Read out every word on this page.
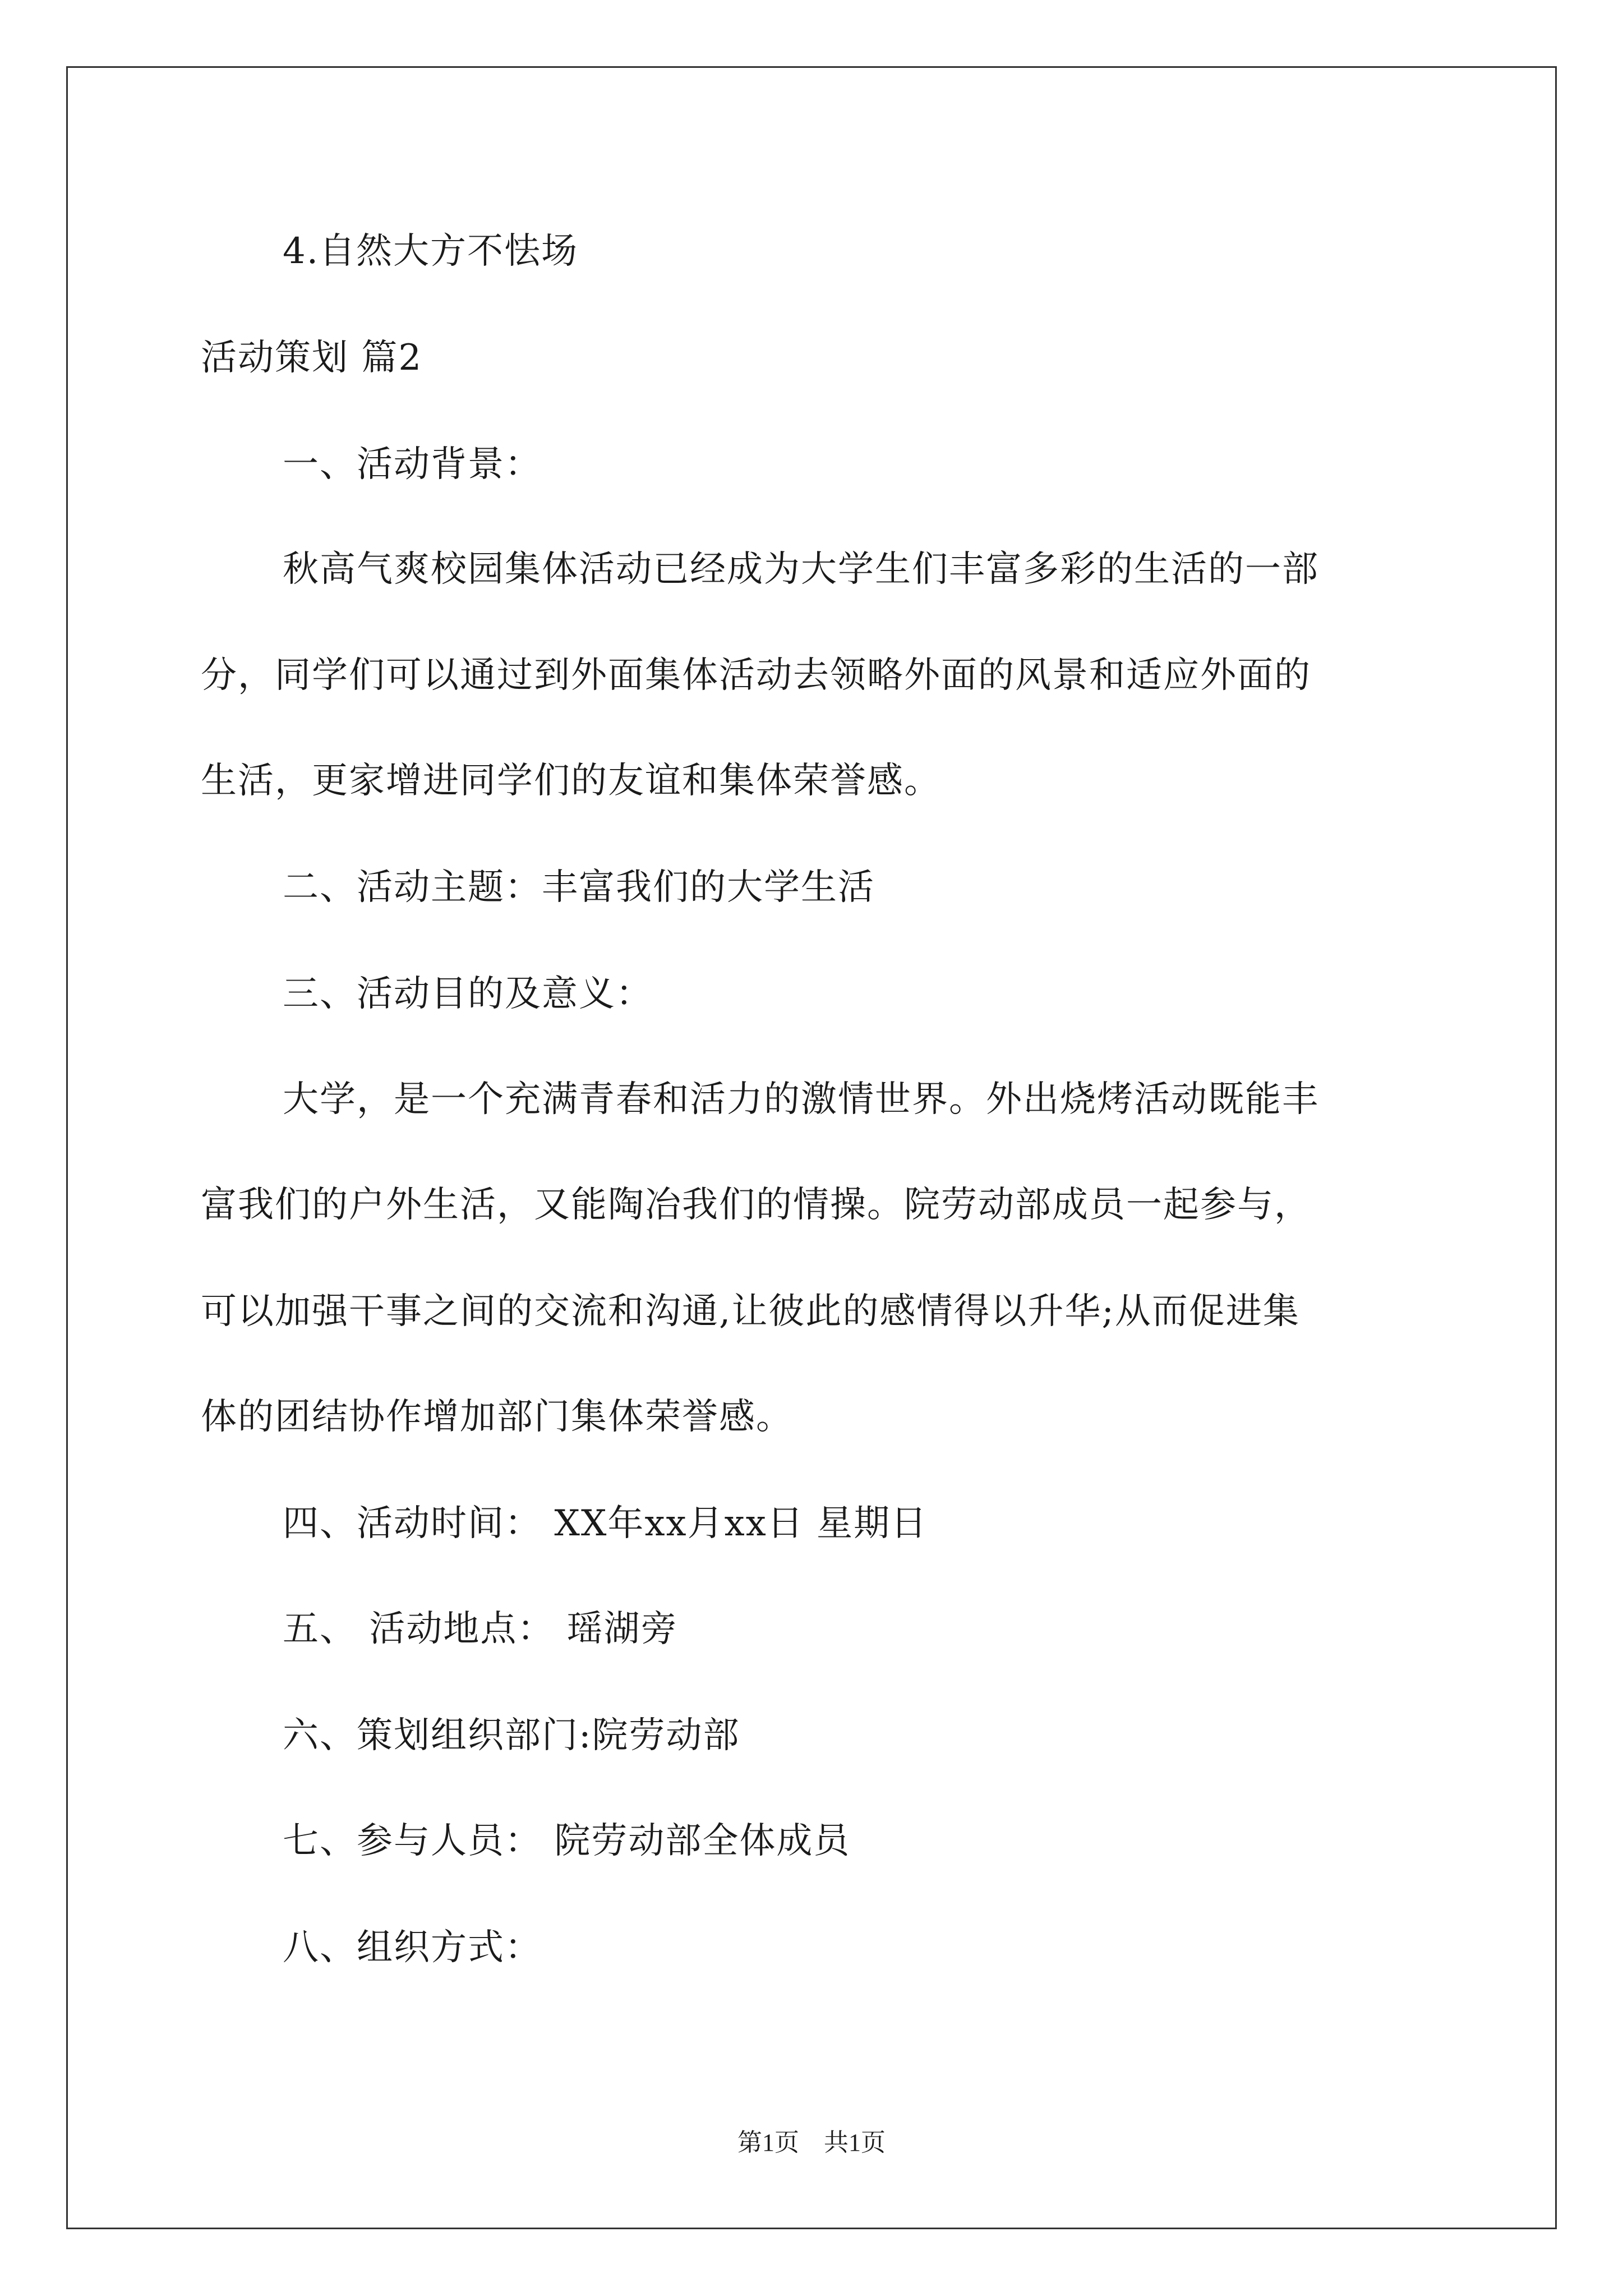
4.自然大方不怯场
活动策划 篇2
一、活动背景：
秋高气爽校园集体活动已经成为大学生们丰富多彩的生活的一部
分，同学们可以通过到外面集体活动去领略外面的风景和适应外面的
生活，更家增进同学们的友谊和集体荣誉感。
二、活动主题：丰富我们的大学生活
三、活动目的及意义：
大学，是一个充满青春和活力的激情世界。外出烧烤活动既能丰
富我们的户外生活，又能陶冶我们的情操。院劳动部成员一起参与，
可以加强干事之间的交流和沟通,让彼此的感情得以升华;从而促进集
体的团结协作增加部门集体荣誉感。
四、活动时间： XX年xx月xx日 星期日
五、 活动地点： 瑶湖旁
六、策划组织部门:院劳动部
七、参与人员： 院劳动部全体成员
八、组织方式：
第1页　共1页
